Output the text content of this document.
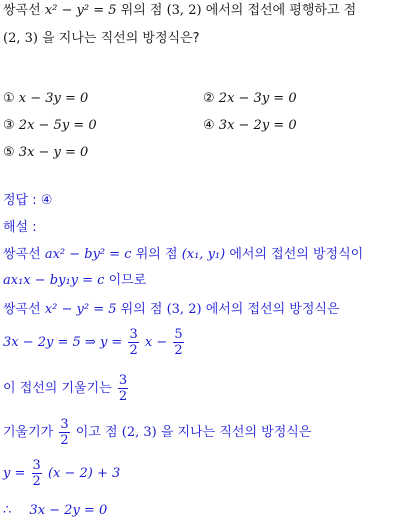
쌍곡선 x² − y² = 5 위의 점 (3, 2) 에서의 접선에 평행하고 점
(2, 3) 을 지나는 직선의 방정식은?
① x − 3y = 0	② 2x − 3y = 0
③ 2x − 5y = 0	④ 3x − 2y = 0
⑤ 3x − y = 0
정답 : ④
해설 :
쌍곡선 ax² − by² = c 위의 점 (x₁, y₁) 에서의 접선의 방정식이
ax₁x − by₁y = c 이므로
쌍곡선 x² − y² = 5 위의 점 (3, 2) 에서의 접선의 방정식은
3x − 2y = 5 ⇒ $y = \frac{3}{2}$ $x - \frac{5}{2}$
이 접선의 기울기는 $\frac{3}{2}$
기울기가 $\frac{3}{2}$ 이고 점 (2, 3) 을 지나는 직선의 방정식은
$y = \frac{3}{2} (x - 2) + 3$
∴ 3x − 2y = 0
